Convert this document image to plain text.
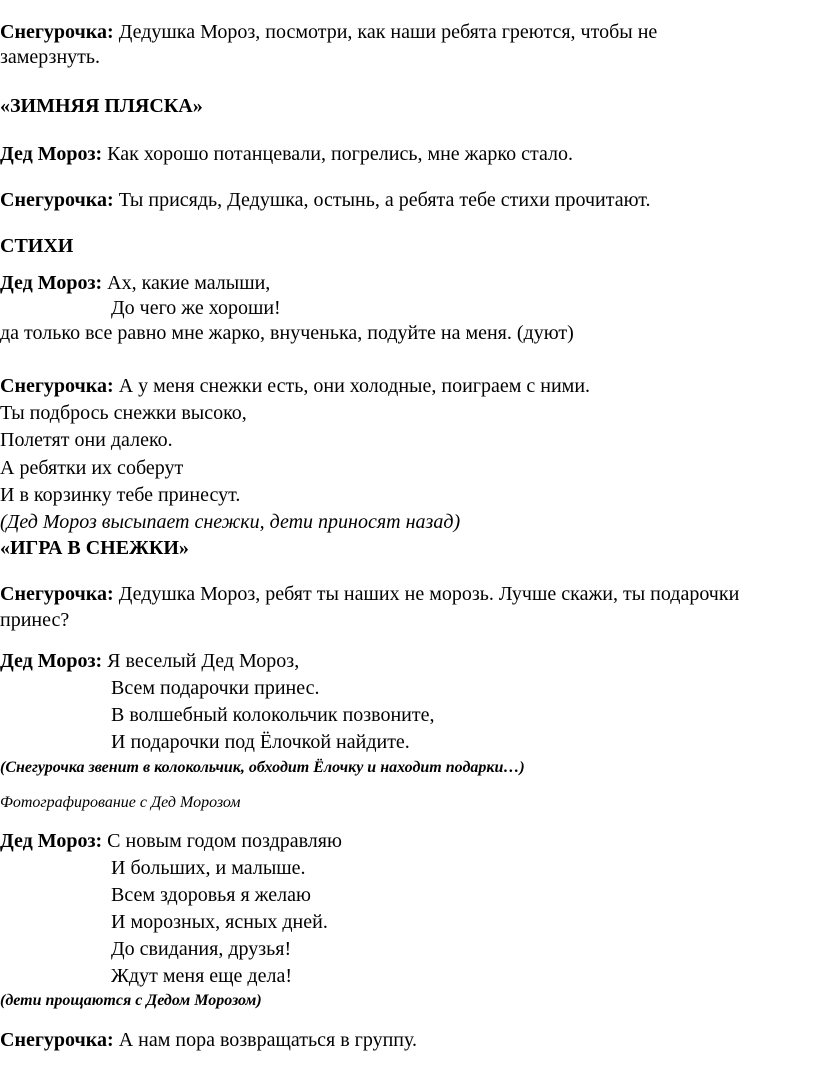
Снегурочка: Дедушка Мороз, посмотри, как наши ребята греются, чтобы не

замерзнуть.

«ЗИМНЯЯ ПЛЯСКА»

Дед Мороз: Как хорошо потанцевали, погрелись, мне жарко стало.

Снегурочка: Ты присядь, Дедушка, остынь, а ребята тебе стихи прочитают.

СТИХИ

Дед Мороз: Ах, какие малыши,

До чего же хороши!

да только все равно мне жарко, внученька, подуйте на меня. (дуют)

Снегурочка: А у меня снежки есть, они холодные, поиграем с ними.

Ты подбрось снежки высоко,

Полетят они далеко.

А ребятки их соберут

И в корзинку тебе принесут.

(Дед Мороз высыпает снежки, дети приносят назад)

«ИГРА В СНЕЖКИ»

Снегурочка: Дедушка Мороз, ребят ты наших не морозь. Лучше скажи, ты подарочки

принес?

Дед Мороз: Я веселый Дед Мороз,

Всем подарочки принес.

В волшебный колокольчик позвоните,

И подарочки под Ёлочкой найдите.

(Снегурочка звенит в колокольчик, обходит Ёлочку и находит подарки…)

Фотографирование с Дед Морозом

Дед Мороз: С новым годом поздравляю

И больших, и малыше.

Всем здоровья я желаю

И морозных, ясных дней.

До свидания, друзья!

Ждут меня еще дела!

(дети прощаются с Дедом Морозом)

Снегурочка: А нам пора возвращаться в группу.
